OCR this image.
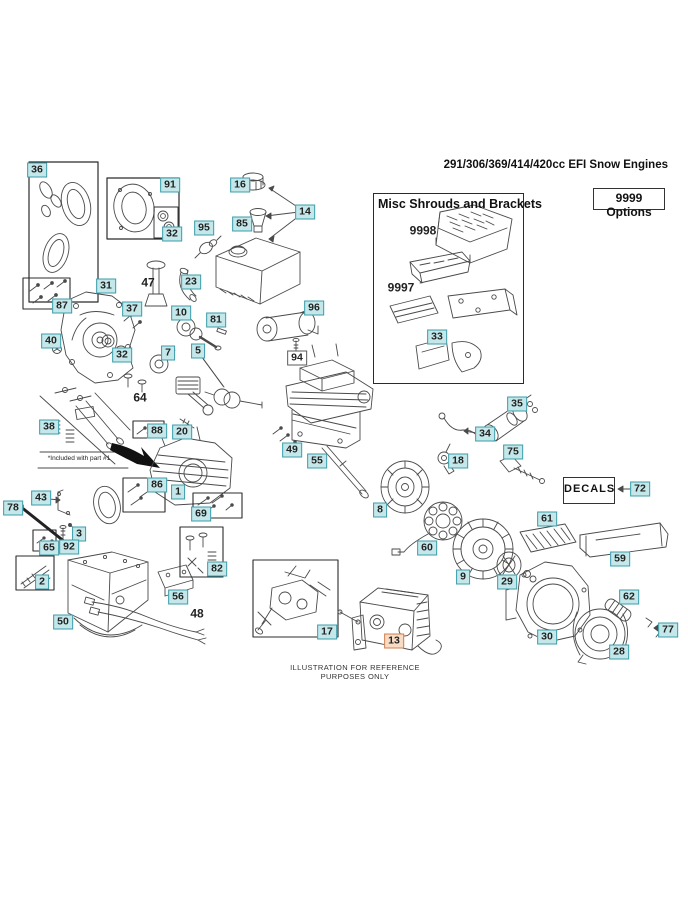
291/306/369/414/420cc EFI Snow Engines
Misc Shrouds and Brackets	9999 Options
DECALS
*Included with part #1
ILLUSTRATION FOR REFERENCE PURPOSES ONLY
36
16
85
14
91
32	95	9998
9997
47	23
31
87	37	10
81
96
33
40
32	7	5
94
64
38	88	20
35
34
18
75
49
55
86
1
43
78	69	8
72
3
65 92
2
82
56
50
48
60
9	29
61
59
62
30
28
77
17
13
